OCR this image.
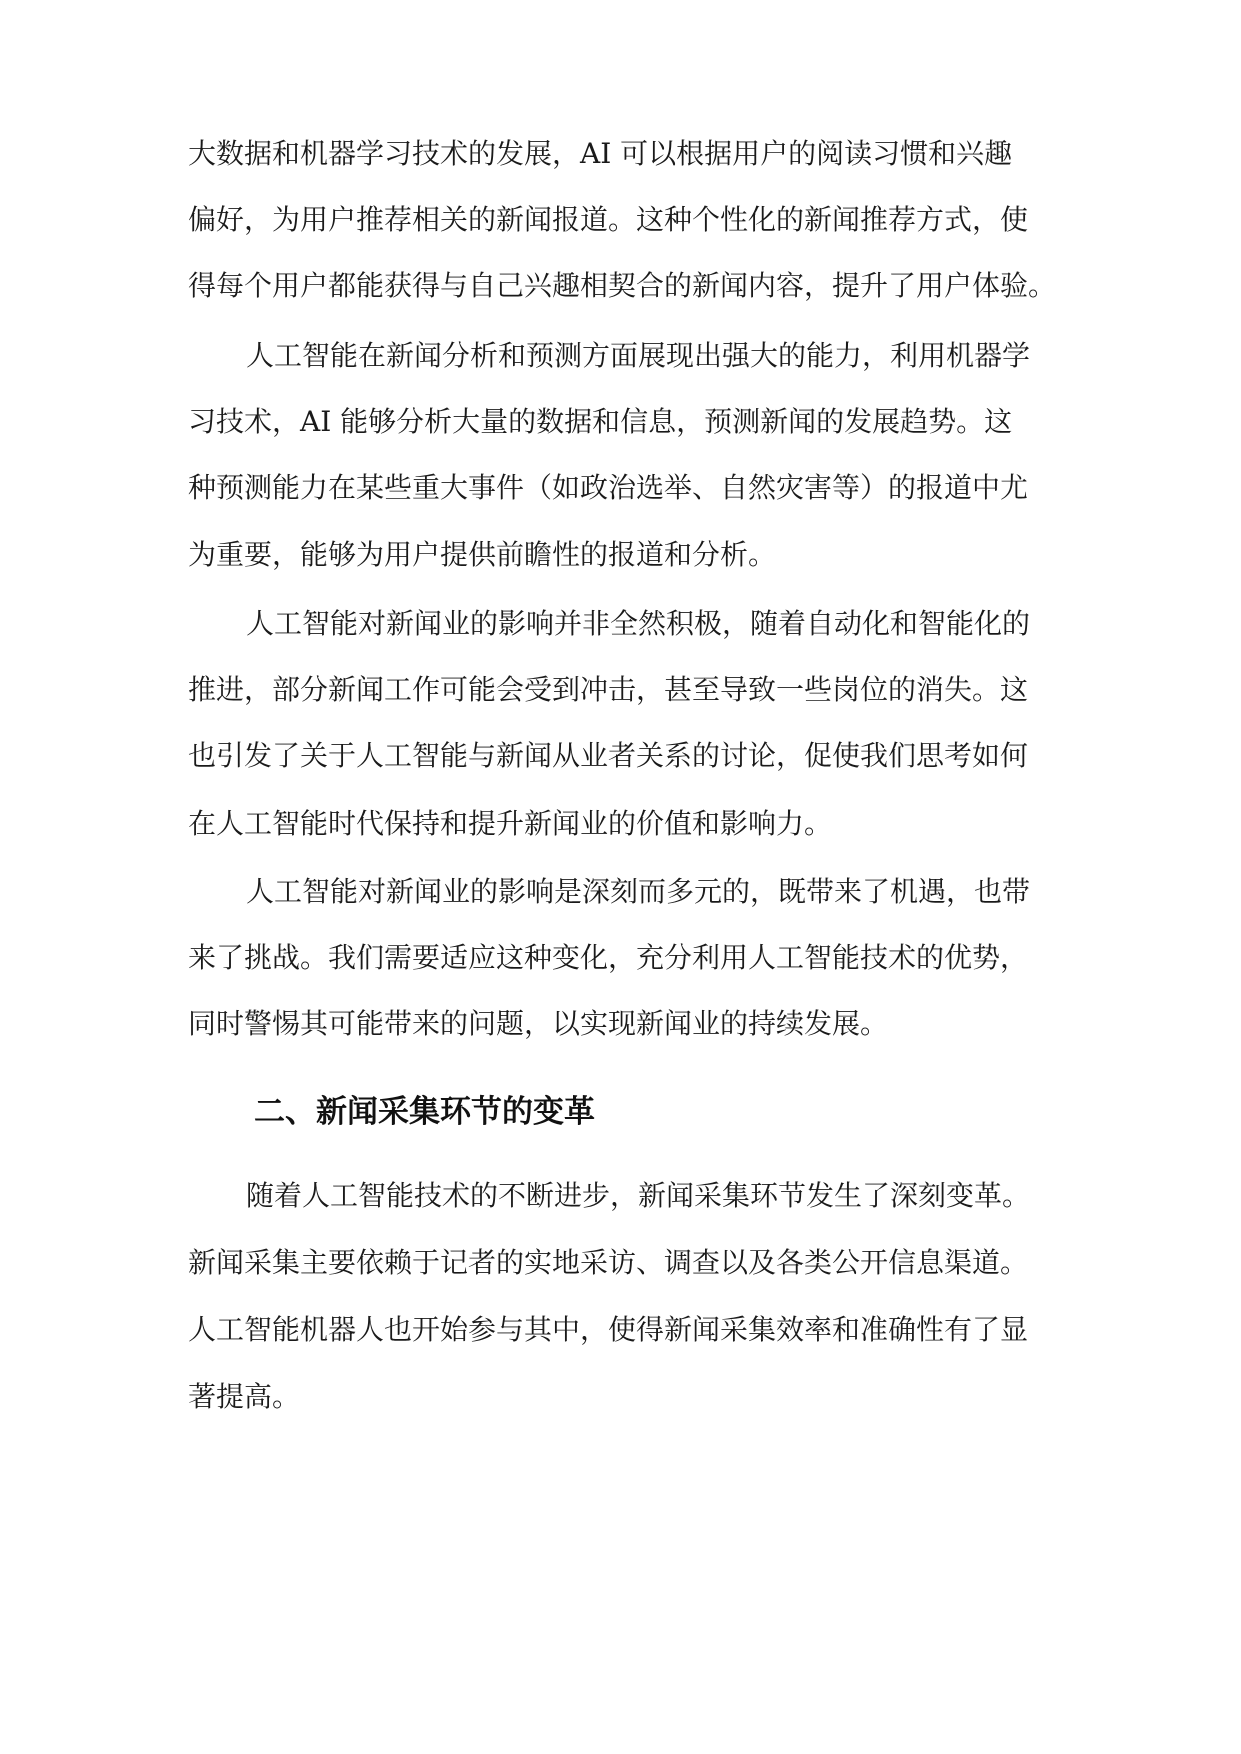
大数据和机器学习技术的发展，AI 可以根据用户的阅读习惯和兴趣

偏好，为用户推荐相关的新闻报道。这种个性化的新闻推荐方式，使

得每个用户都能获得与自己兴趣相契合的新闻内容，提升了用户体验。

人工智能在新闻分析和预测方面展现出强大的能力，利用机器学

习技术，AI 能够分析大量的数据和信息，预测新闻的发展趋势。这

种预测能力在某些重大事件（如政治选举、自然灾害等）的报道中尤

为重要，能够为用户提供前瞻性的报道和分析。

人工智能对新闻业的影响并非全然积极，随着自动化和智能化的

推进，部分新闻工作可能会受到冲击，甚至导致一些岗位的消失。这

也引发了关于人工智能与新闻从业者关系的讨论，促使我们思考如何

在人工智能时代保持和提升新闻业的价值和影响力。

人工智能对新闻业的影响是深刻而多元的，既带来了机遇，也带

来了挑战。我们需要适应这种变化，充分利用人工智能技术的优势，

同时警惕其可能带来的问题，以实现新闻业的持续发展。

二、新闻采集环节的变革

随着人工智能技术的不断进步，新闻采集环节发生了深刻变革。

新闻采集主要依赖于记者的实地采访、调查以及各类公开信息渠道。

人工智能机器人也开始参与其中，使得新闻采集效率和准确性有了显

著提高。
